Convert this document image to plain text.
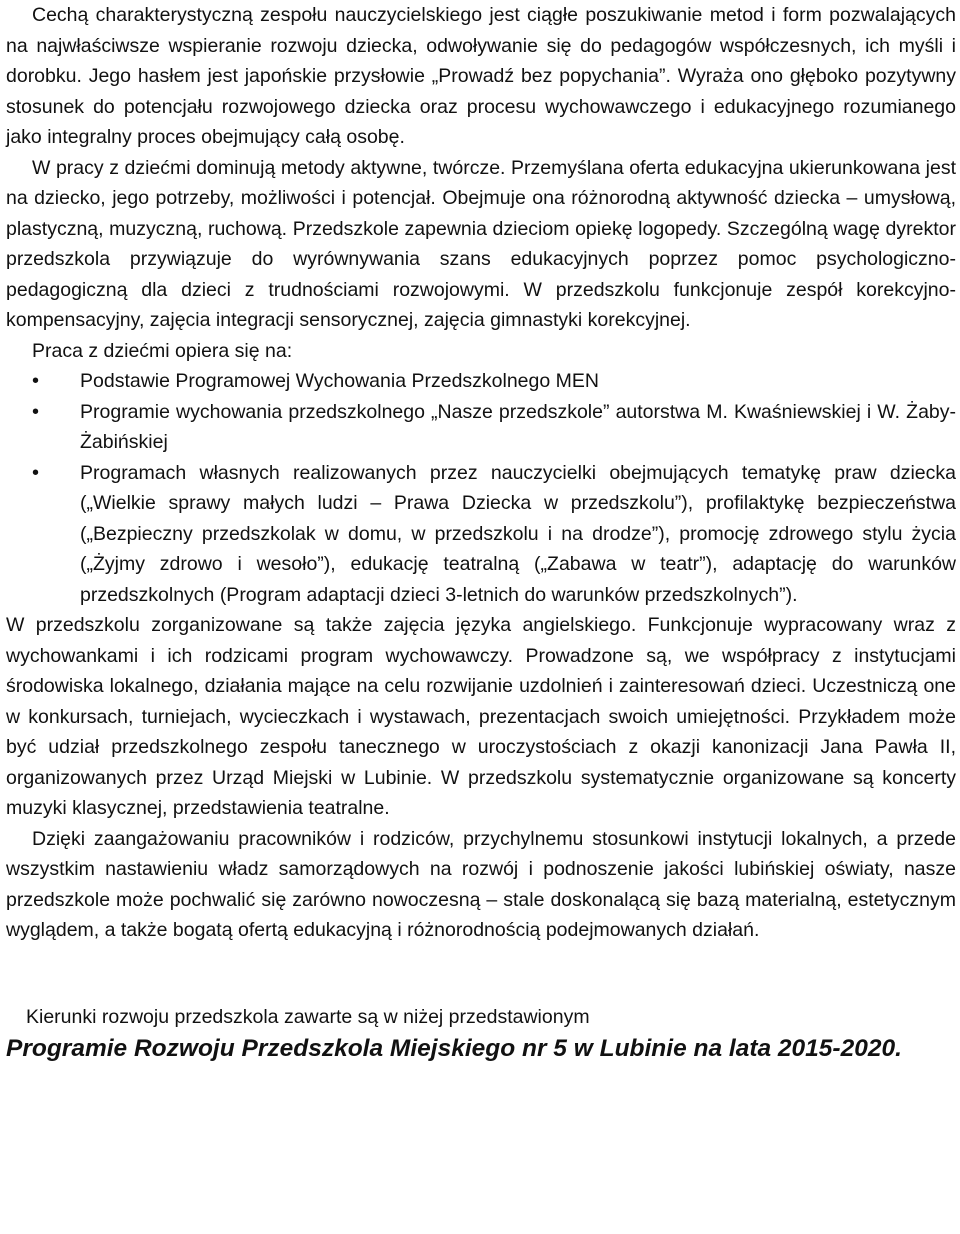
Cechą charakterystyczną zespołu nauczycielskiego jest ciągłe poszukiwanie metod i form pozwalających na najwłaściwsze wspieranie rozwoju dziecka, odwoływanie się do pedagogów współczesnych, ich myśli i dorobku. Jego hasłem jest japońskie przysłowie „Prowadź bez popychania”. Wyraża ono głęboko pozytywny stosunek do potencjału rozwojowego dziecka oraz procesu wychowawczego i edukacyjnego rozumianego jako integralny proces obejmujący całą osobę.

W pracy z dziećmi dominują metody aktywne, twórcze. Przemyślana oferta edukacyjna ukierunkowana jest na dziecko, jego potrzeby, możliwości i potencjał. Obejmuje ona różnorodną aktywność dziecka – umysłową, plastyczną, muzyczną, ruchową. Przedszkole zapewnia dzieciom opiekę logopedy. Szczególną wagę dyrektor przedszkola przywiązuje do wyrównywania szans edukacyjnych poprzez pomoc psychologiczno-pedagogiczną dla dzieci z trudnościami rozwojowymi. W przedszkolu funkcjonuje zespół korekcyjno-kompensacyjny, zajęcia integracji sensorycznej, zajęcia gimnastyki korekcyjnej.

Praca z dziećmi opiera się na:

• Podstawie Programowej Wychowania Przedszkolnego MEN
• Programie wychowania przedszkolnego „Nasze przedszkole” autorstwa M. Kwaśniewskiej i W. Żaby-Żabińskiej
• Programach własnych realizowanych przez nauczycielki obejmujących tematykę praw dziecka („Wielkie sprawy małych ludzi – Prawa Dziecka w przedszkolu”), profilaktykę bezpieczeństwa („Bezpieczny przedszkolak w domu, w przedszkolu i na drodze”), promocję zdrowego stylu życia („Żyjmy zdrowo i wesoło”), edukację teatralną („Zabawa w teatr”), adaptację do warunków przedszkolnych (Program adaptacji dzieci 3-letnich do warunków przedszkolnych”).

W przedszkolu zorganizowane są także zajęcia języka angielskiego. Funkcjonuje wypracowany wraz z wychowankami i ich rodzicami program wychowawczy. Prowadzone są, we współpracy z instytucjami środowiska lokalnego, działania mające na celu rozwijanie uzdolnień i zainteresowań dzieci. Uczestniczą one w konkursach, turniejach, wycieczkach i wystawach, prezentacjach swoich umiejętności. Przykładem może być udział przedszkolnego zespołu tanecznego w uroczystościach z okazji kanonizacji Jana Pawła II, organizowanych przez Urząd Miejski w Lubinie. W przedszkolu systematycznie organizowane są koncerty muzyki klasycznej, przedstawienia teatralne.

Dzięki zaangażowaniu pracowników i rodziców, przychylnemu stosunkowi instytucji lokalnych, a przede wszystkim nastawieniu władz samorządowych na rozwój i podnoszenie jakości lubińskiej oświaty, nasze przedszkole może pochwalić się zarówno nowoczesną – stale doskonalącą się bazą materialną, estetycznym wyglądem, a także bogatą ofertą edukacyjną i różnorodnością podejmowanych działań.

Kierunki rozwoju przedszkola zawarte są w niżej przedstawionym

Programie Rozwoju Przedszkola Miejskiego nr 5 w Lubinie na lata 2015-2020.
